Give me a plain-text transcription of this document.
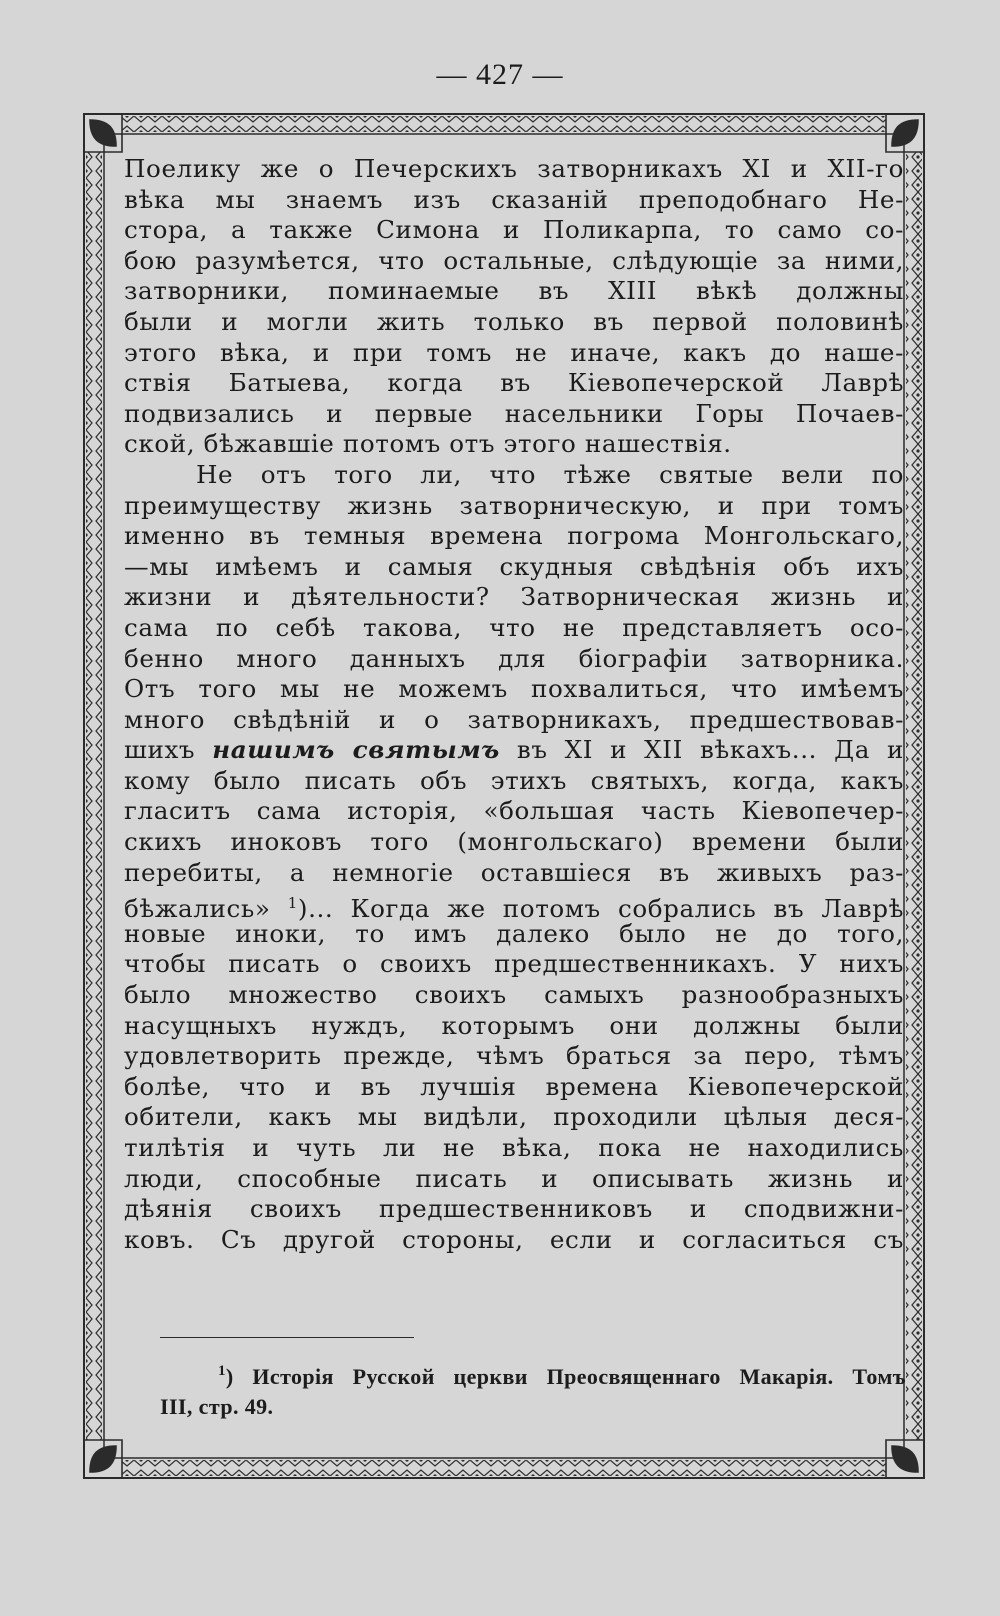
— 427 —
Поелику же о Печерскихъ затворникахъ XI и XII-го
вѣка мы знаемъ изъ сказаній преподобнаго Не-
стора, а также Симона и Поликарпа, то само со-
бою разумѣется, что остальные, слѣдующіе за ними,
затворники, поминаемые въ XIII вѣкѣ должны
были и могли жить только въ первой половинѣ
этого вѣка, и при томъ не иначе, какъ до наше-
ствія Батыева, когда въ Кіевопечерской Лаврѣ
подвизались и первые насельники Горы Почаев-
ской, бѣжавшіе потомъ отъ этого нашествія.
Не отъ того ли, что тѣже святые вели по
преимуществу жизнь затворническую, и при томъ
именно въ темныя времена погрома Монгольскаго,
—мы имѣемъ и самыя скудныя свѣдѣнія объ ихъ
жизни и дѣятельности? Затворническая жизнь и
сама по себѣ такова, что не представляетъ осо-
бенно много данныхъ для біографіи затворника.
Отъ того мы не можемъ похвалиться, что имѣемъ
много свѣдѣній и о затворникахъ, предшествовав-
шихъ нашимъ святымъ въ XI и XII вѣкахъ... Да и
кому было писать объ этихъ святыхъ, когда, какъ
гласитъ сама исторія, «большая часть Кіевопечер-
скихъ иноковъ того (монгольскаго) времени были
перебиты, а немногіе оставшіеся въ живыхъ раз-
бѣжались» $^1$)... Когда же потомъ собрались въ Лаврѣ
новые иноки, то имъ далеко было не до того,
чтобы писать о своихъ предшественникахъ. У нихъ
было множество своихъ самыхъ разнообразныхъ
насущныхъ нуждъ, которымъ они должны были
удовлетворить прежде, чѣмъ браться за перо, тѣмъ
болѣе, что и въ лучшія времена Кіевопечерской
обители, какъ мы видѣли, проходили цѣлыя деся-
тилѣтія и чуть ли не вѣка, пока не находились
люди, способные писать и описывать жизнь и
дѣянія своихъ предшественниковъ и сподвижни-
ковъ. Съ другой стороны, если и согласиться съ
$^1$) Исторія Русской церкви Преосвященнаго Макарія. Томъ
III, стр. 49.
